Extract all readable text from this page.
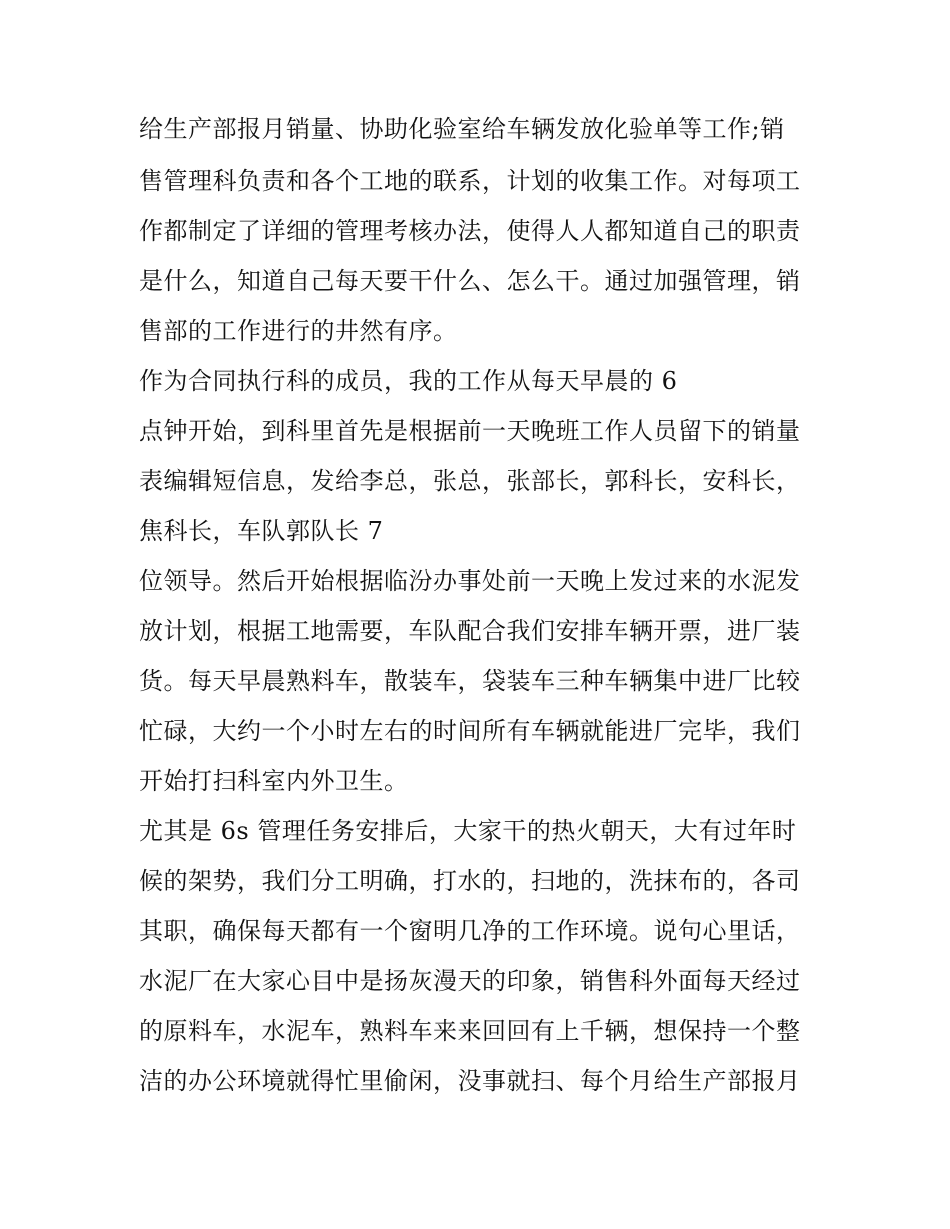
给生产部报月销量、协助化验室给车辆发放化验单等工作;销
售管理科负责和各个工地的联系，计划的收集工作。对每项工
作都制定了详细的管理考核办法，使得人人都知道自己的职责
是什么，知道自己每天要干什么、怎么干。通过加强管理，销
售部的工作进行的井然有序。
作为合同执行科的成员，我的工作从每天早晨的 6
点钟开始，到科里首先是根据前一天晚班工作人员留下的销量
表编辑短信息，发给李总，张总，张部长，郭科长，安科长，
焦科长，车队郭队长 7
位领导。然后开始根据临汾办事处前一天晚上发过来的水泥发
放计划，根据工地需要，车队配合我们安排车辆开票，进厂装
货。每天早晨熟料车，散装车，袋装车三种车辆集中进厂比较
忙碌，大约一个小时左右的时间所有车辆就能进厂完毕，我们
开始打扫科室内外卫生。
尤其是 6s 管理任务安排后，大家干的热火朝天，大有过年时
候的架势，我们分工明确，打水的，扫地的，洗抹布的，各司
其职，确保每天都有一个窗明几净的工作环境。说句心里话，
水泥厂在大家心目中是扬灰漫天的印象，销售科外面每天经过
的原料车，水泥车，熟料车来来回回有上千辆，想保持一个整
洁的办公环境就得忙里偷闲，没事就扫、每个月给生产部报月
